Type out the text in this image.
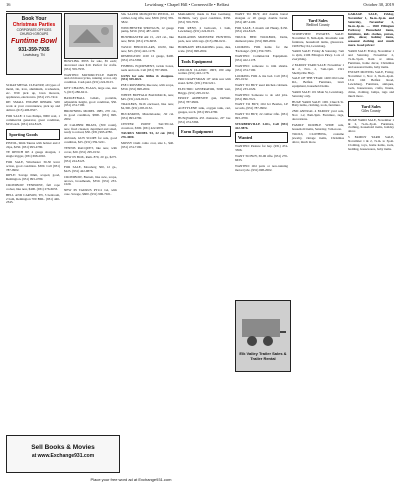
16	Lewisburg • Chapel Hill • Cornersville • Belfast	October 30, 2019
Book Your
Christmas Parties
CORPORATE OFFICES
CHURCH GROUPS
Funtime Bowl
931-359-7935
Lewisburg, TN

SCRAP METAL CLEANUP, all types of metal, tin, iron, aluminum, 4-wheelers, etc. Will pick up, lawn mowers, appliances, electronics. (931) 215-7412.

RE: SMALL ENGINE REPAIR. Will work at your convenience, pick up and deliver. (615) 406-8327.

FOR SALE: 2 Gas Pumps, 8000 watt, 1 commercial generator, great condition, $250 each. (931) 224-8123.

Sporting Goods

PISTOL, 9mm Taurus with holster and 2 clips, $250. (931) 993-4780.

TE RENCH RE 4 gauge shotgun, 1 single trigger, (931) 698-2002.

FOR SALE, Winchester 30-30 lever action, good condition. $300. Call (931) 787-9902.

RIFLE: Savage 6mm, scoped, good, Remington. (931) 993-4780.

CROSSBOW TENPOINT, full rope cocker, like new, $400. (931) 276-6633.

BELL AND CARSON, TN, 3 bedroom, 2 bath, Remington 700 BDL. (931) 446-2345.

BOWLING PINS for sale, $5 each; decorated ones $10. Perfect for crafts. (931) 359-7935.

WANTED: MOTORCYCLE PARTS and old motorcycles, running or not, any condition. Cash paid. (931) 224-8123.

KEY CHAINS, FLAGS, large one, size 5, (615) 286-6211.

BASKETBALL GOAL, portable, adjustable height, good condition, $50. (931) 474-7190.

BROWNING MODEL 1885, 270 cal., in good condition, $800. (931) 698-2002.

20 CALIBER BRASS, (300 count), new, fired cleaned, deprimed and sized, ready to reload, $30. (931) 993-4780.

Airbrush, GUN SCOPE for sale, good condition, $25. (931) 359-5221.

TENNIS RACQUET, like new, with cover, $20. (931) 295-0132.

NEW IN BOX, Rem. 870, 20 ga, $275. (931) 224-8123.

FOR SALE, Mossberg 500, 12 ga., $225. (931) 422-9876.

CROSSBOW, Barnett, like new, scope, arrows, broadheads, $350. (931) 233-1029.

NEW IN TAURUS PT111 G2, with case. Savage, $600. (931) 996-7021.

SIG SAUER MOSQUITO PISTOL, 22 caliber, long rifle, new, $300. (931) 359-5822.

WINCHESTER SHOTGUN, 12 gauge pump, $250. (931) 487-4100.

BUSHMASTER AR 15, .223 cal., like new, $950. (931) 276-6633.

TASCO BINOCULARS, 10x50, like new, $25. (931) 422-1178.

REMINGTON 1100 12 gauge, $400. (931) 474-3366.

FISHING EQUIPMENT, tackle boxes, reels and rods. Call (931) 787-9902.

GUNS for sale. Rifles & shotguns. (931) 359-4021.

PSE CROSSBOW, like new, with scope, $350. (931) 698-2002.

WHITE BUFFALO BACKPACK, new, $45. (931) 224-8123.

TRAILERS, 8x16 enclosed, like new, $2,300. (931) 295-0132.

BUCKSKINS, Muzzleloader, .50 cal. (931) 993-4780.

CENTER POINT TACTICAL crossbow, $300. (931) 422-9876.

TAURUS MODEL 94, 22 cal. (931) 276-4000.

MOSSY OAK camo coat, size L, $40. (931) 474-7190.

MAKAROV, made in East Germany, 9x18mm, very good condition, $350. (931) 359-7935.

FOR RENT, 2 bedroom, 1 bath, Lewisburg. (931) 224-8123.

BADLANDS MONSTER HUNTING pack, new with tags. (615) 286-6211.

HORNADY RELOADING press, dies, scale. (931) 698-2002.

Tools Equipment

LINCOLN CLASSIC 180T, 180 amp welder. (931) 422-1178.

PRO CRAFTSMAN 10" table saw with stand. $250. (931) 359-5221.

ELECTRIC GENERATOR, 5000 watt, Briggs. (931) 295-0132.

EPOXY ADHESIVE gun, DeWalt. (931) 787-9902.

ACETYLENE tank, oxygen tank, cart, gauges, torch. (931) 993-4780.

HUSQVARNA 455 chainsaw, 20" bar. (931) 474-3366.

Farm Equipment

WANT TO BUY, 410 double barrel shotgun or 20 gauge double barrel. (931) 487-4100.

FOR SALE, 3 month old Husky, $150. (931) 224-8123.

TRUCK BED TOOLBOX, Delta, diamond plate. (931) 698-2002.

LOOKING FOR items for the 'Exchange'. (931) 359-7935.

WANTED: Commercial Equipment. (931) 422-1178.

WANTED: someone to trim shrubs. (931) 474-7190.

LOOKING FOR A tire bed. Call (931) 295-0132.

WANT TO BUY used kitchen cabinets. (931) 233-1029.

WANTED: Someone to do odd jobs. (931) 996-7021.

WANT TO BUY, Old Jet Beatles, LP records, (931) 787-9902.

WANT TO BUY, 22 caliber rifle. (931) 993-4780.

STURBERVILLE LOG, Call (931) 422-9876.

Wanted

WANTED: Pasture for hay. (931) 474-3366.

WANT TO BUY, 30-06 rifle. (931) 276-6633.

WANTED: Old parts or non-running motorcycle. (931) 698-2002.

Yard Sales
Bedford County

STONEVIEW ESTATES SALE: November 8, 8am-4pm. Roadside sale furniture, household items, glassware. 1908 Hwy 64, Lewisburg.

YARD SALE: Friday & Saturday, 7am to 2pm, 2106 Ellington Pkwy. Lots of everything.

2 FAMILY YARD SALE: November 1 & 2, Nov. 2, 7am-1pm. 1321 Shelbyville Hwy.

SALE OF THE YEAR: 1400 Old Lane Rd., Belfast. Furniture, lawn equipment, household items.

YARD SALE: 101 Main St, Lewisburg. Saturday only.

HUGE YARD SALE: 1001 Church St. Baby items, clothing, tools, furniture.

2ND ANNUAL 4 FAMILY yard sale, Nov. 1-2, 8am-3pm. Furniture, rugs, decorations.

FAMILY DOUBLE WIDE sale, household items, Saturday, 7am-noon.

TOOLS, CLOTHING, costume jewelry, vintage items, Christmas décor, much more.

GARAGE SALE, Friday, November 1, 8a.m.-3p.m. and Saturday, November 2, 8a.m.-4p.m. — 1828 Ellington Parkway. Household items, furniture, kids clothes, purses, gifts, décor, holiday items, seasonal clothing and much more. Good prices!

YARD SALE: Friday, November 1 and Saturday, November 2, 7a.m.-5p.m. Rain or shine. Furniture, home décor, Christmas and seasonal items, baby items.

ESTATE MOVING SALE, Friday, November 1, Nov. 2, 8a.m.-4p.m. 1311 Old Belfast Road, Lewisburg. Furniture, antiques, tools, housewares, crafts, linens, china, clothing, lamps, rugs and much more.

Yard Sales
Giles County

HUGE YARD SALE, November 1 & 2, 7a.m.-3p.m. Furniture, clothing, household items, holiday décor.

5 FAMILY YARD SALE, November 1 & 2, 7a.m. to 3p.m. Clothing, toys, home items, tools, bedding, housewares, baby items.

Elk Valley Trailer Sales & Trailer Rental
Sell Books & Movies
at www.Exchange931.com
Place your free word ad at Exchange931.com
